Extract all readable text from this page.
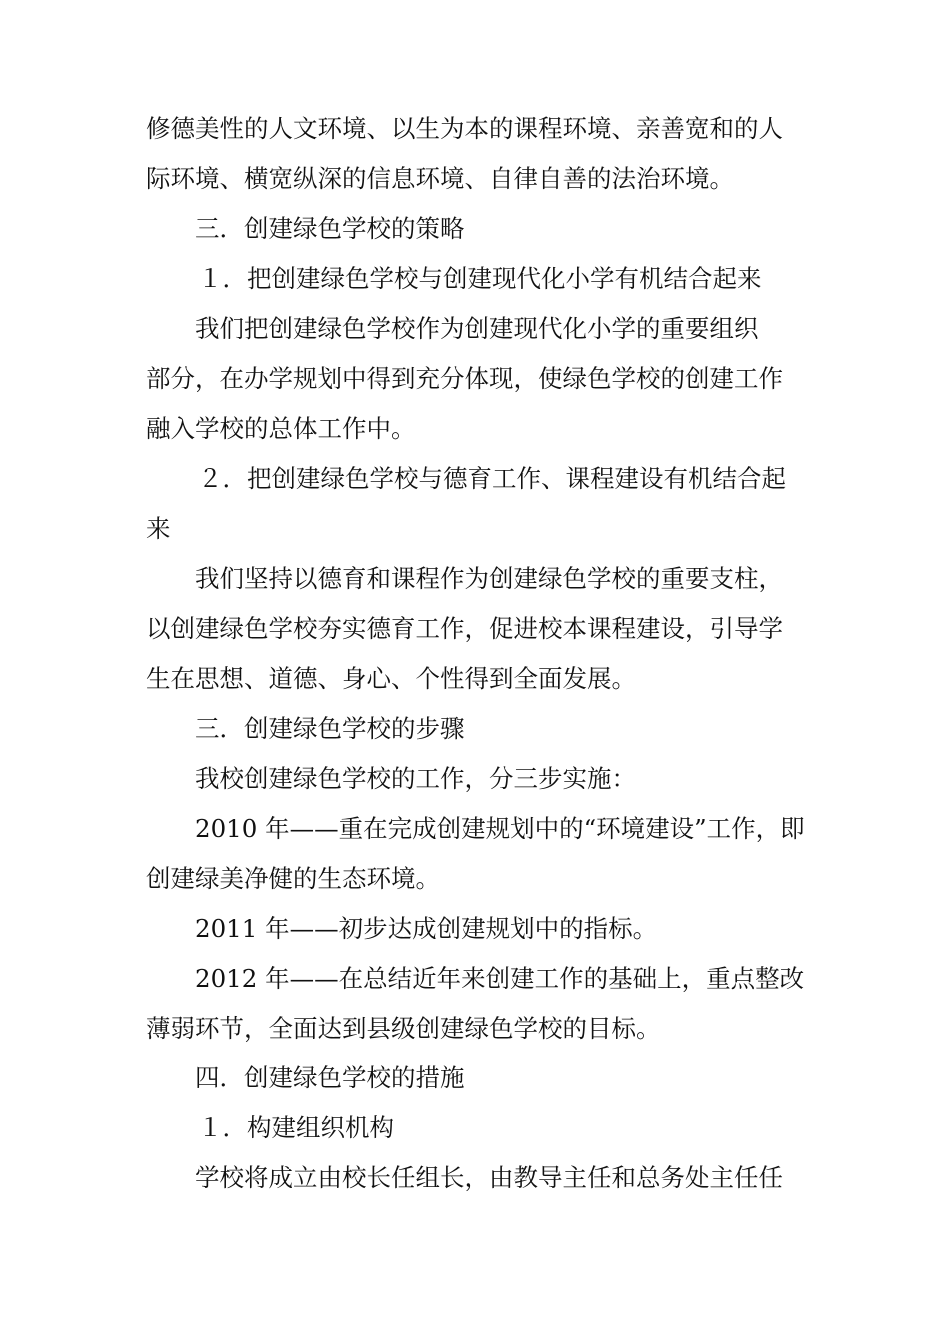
修德美性的人文环境、以生为本的课程环境、亲善宽和的人
际环境、横宽纵深的信息环境、自律自善的法治环境。
三．创建绿色学校的策略
１．把创建绿色学校与创建现代化小学有机结合起来
我们把创建绿色学校作为创建现代化小学的重要组织
部分，在办学规划中得到充分体现，使绿色学校的创建工作
融入学校的总体工作中。
２．把创建绿色学校与德育工作、课程建设有机结合起
来
我们坚持以德育和课程作为创建绿色学校的重要支柱，
以创建绿色学校夯实德育工作，促进校本课程建设，引导学
生在思想、道德、身心、个性得到全面发展。
三．创建绿色学校的步骤
我校创建绿色学校的工作，分三步实施：
2010 年——重在完成创建规划中的“环境建设”工作，即
创建绿美净健的生态环境。
2011 年——初步达成创建规划中的指标。
2012 年——在总结近年来创建工作的基础上，重点整改
薄弱环节，全面达到县级创建绿色学校的目标。
四．创建绿色学校的措施
１．构建组织机构
学校将成立由校长任组长，由教导主任和总务处主任任
